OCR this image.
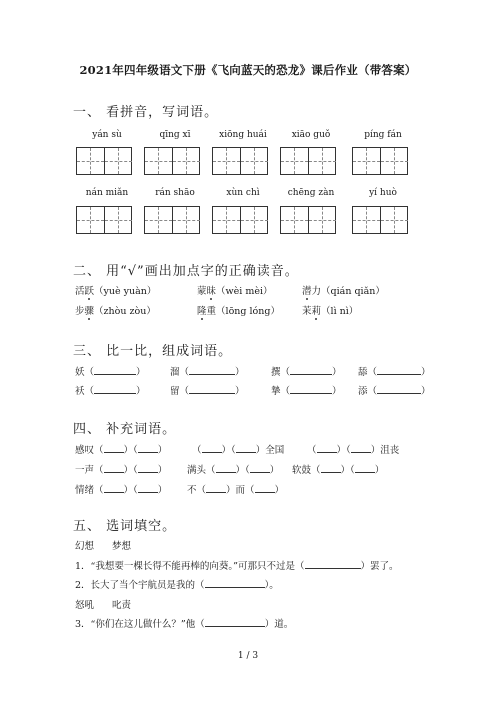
2021年四年级语文下册《飞向蓝天的恐龙》课后作业（带答案）
一、 看拼音，写词语。
yán sù	qīng xī	xiōng huái	xiāo guǒ	píng fán
nán miǎn	rán shāo	xùn chì	chēng zàn	yí huò
二、 用“√”画出加点字的正确读音。
活跃（yuè yuàn）	蒙昧（wèi mèi）	潜力（qián qiǎn）
步骤（zhòu zòu）	隆重（lōng lóng） 茉莉（lì nì）
三、 比一比，组成词语。
妖（	）	溜（	）	撰（	） 舔（	）
袄（	）	留（	）	摯（	） 添（	）
四、 补充词语。
感叹（ ）（ ）	（ ）（ ）全国 （ ）（ ）沮丧
一声（ ）（ ） 满头（ ）（ ） 软鼓（ ）（ ）
情绪（ ）（ ） 不（ ）而（ ）
五、 选词填空。
幻想 梦想
1．“我想要一棵长得不能再棒的向葵。”可那只不过是（	）罢了。
2．长大了当个宇航员是我的（	）。
怒吼 叱责
3．“你们在这儿做什么？”他（	）道。
1 / 3
